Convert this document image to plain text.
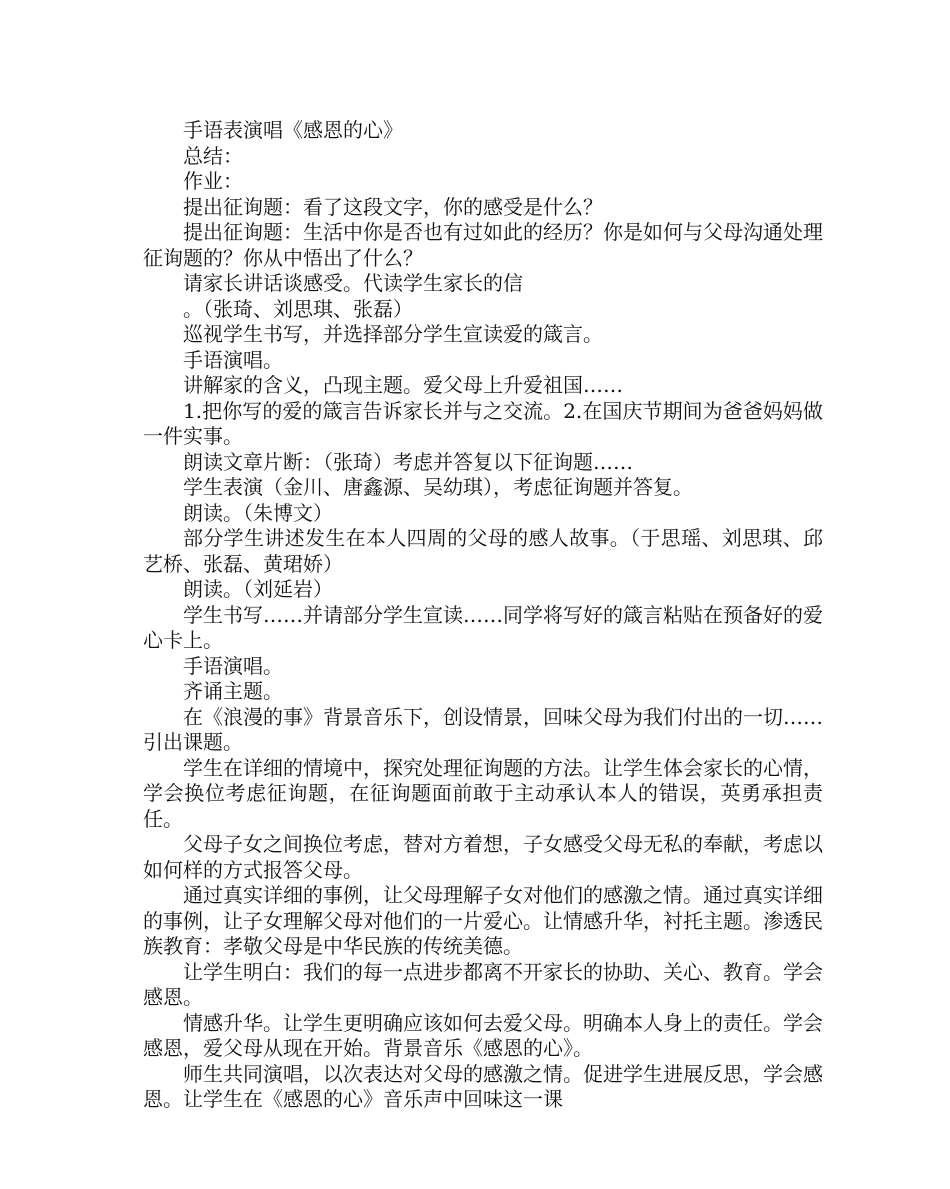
手语表演唱《感恩的心》

总结：

作业：

提出征询题：看了这段文字，你的感受是什么？

提出征询题：生活中你是否也有过如此的经历？你是如何与父母沟通处理征询题的？你从中悟出了什么？

请家长讲话谈感受。代读学生家长的信

。（张琦、刘思琪、张磊）

巡视学生书写，并选择部分学生宣读爱的箴言。

手语演唱。

讲解家的含义，凸现主题。爱父母上升爱祖国……

1.把你写的爱的箴言告诉家长并与之交流。2.在国庆节期间为爸爸妈妈做一件实事。

朗读文章片断：（张琦）考虑并答复以下征询题……

学生表演（金川、唐鑫源、吴幼琪），考虑征询题并答复。

朗读。（朱博文）

部分学生讲述发生在本人四周的父母的感人故事。（于思瑶、刘思琪、邱艺桥、张磊、黄珺娇）

朗读。（刘延岩）

学生书写……并请部分学生宣读……同学将写好的箴言粘贴在预备好的爱心卡上。

手语演唱。

齐诵主题。

在《浪漫的事》背景音乐下，创设情景，回味父母为我们付出的一切……引出课题。

学生在详细的情境中，探究处理征询题的方法。让学生体会家长的心情，学会换位考虑征询题，在征询题面前敢于主动承认本人的错误，英勇承担责任。

父母子女之间换位考虑，替对方着想，子女感受父母无私的奉献，考虑以如何样的方式报答父母。

通过真实详细的事例，让父母理解子女对他们的感激之情。通过真实详细的事例，让子女理解父母对他们的一片爱心。让情感升华，衬托主题。渗透民族教育：孝敬父母是中华民族的传统美德。

让学生明白：我们的每一点进步都离不开家长的协助、关心、教育。学会感恩。

情感升华。让学生更明确应该如何去爱父母。明确本人身上的责任。学会感恩，爱父母从现在开始。背景音乐《感恩的心》。

师生共同演唱，以次表达对父母的感激之情。促进学生进展反思，学会感恩。让学生在《感恩的心》音乐声中回味这一课
